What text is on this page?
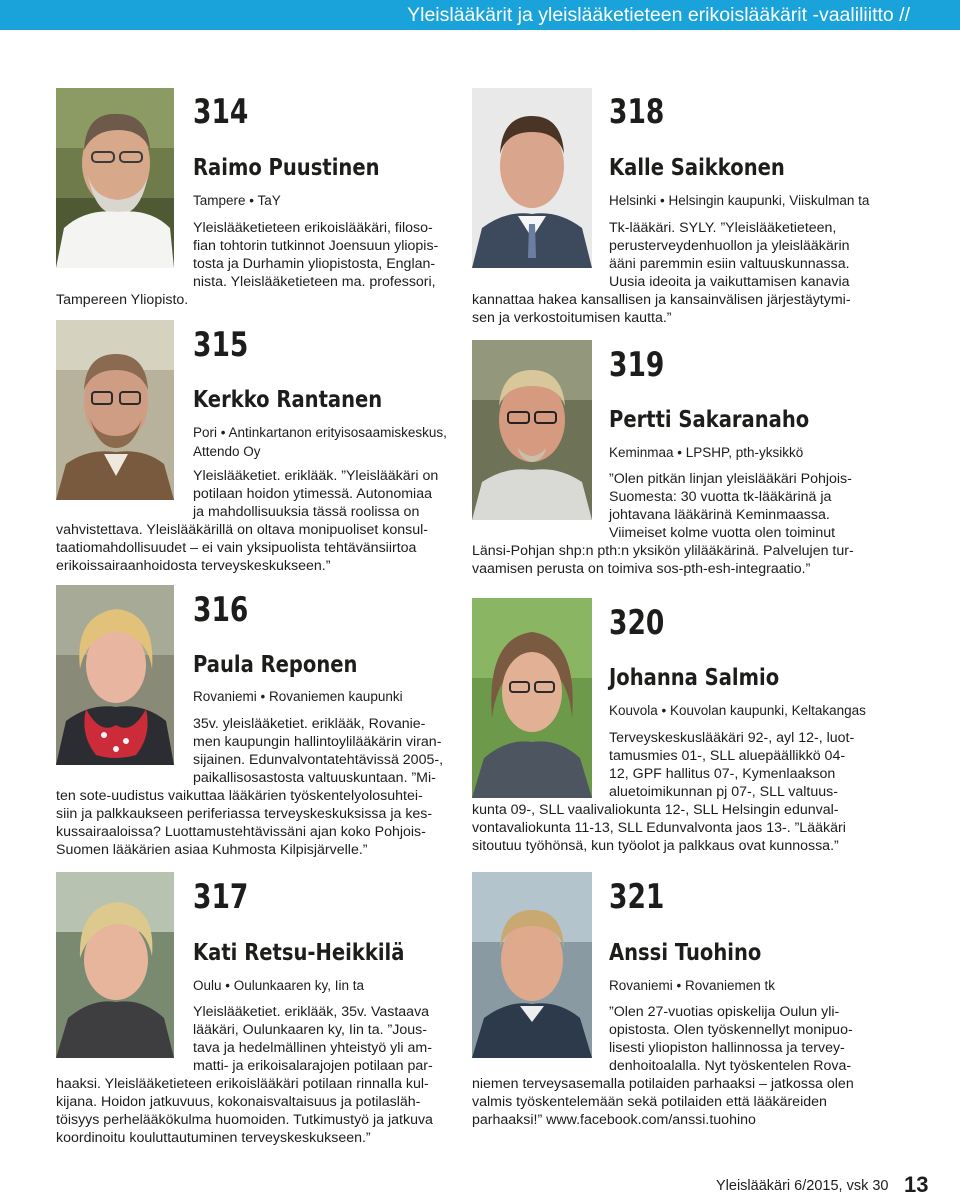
Yleislääkärit ja yleislääketieteen erikoislääkärit -vaaliliitto //
314
Raimo Puustinen
Tampere • TaY
Yleislääketieteen erikoislääkäri, filoso-
fian tohtorin tutkinnot Joensuun yliopis-
tosta ja Durhamin yliopistosta, Englan-
nista. Yleislääketieteen ma. professori,
Tampereen Yliopisto.
315
Kerkko Rantanen
Pori • Antinkartanon erityisosaamiskeskus, Attendo Oy
Yleislääketiet. eriklääk. ”Yleislääkäri on
potilaan hoidon ytimessä. Autonomiaa
ja mahdollisuuksia tässä roolissa on
vahvistettava. Yleislääkärillä on oltava monipuoliset konsul-
taatiomahdollisuudet – ei vain yksipuolista tehtävänsiirtoa
erikoissairaanhoidosta terveyskeskukseen.”
316
Paula Reponen
Rovaniemi • Rovaniemen kaupunki
35v. yleislääketiet. eriklääk, Rovanie-
men kaupungin hallintoylilääkärin viran-
sijainen. Edunvalvontatehtävissä 2005-,
paikallisosastosta valtuuskuntaan. ”Mi-
ten sote-uudistus vaikuttaa lääkärien työskentelyolosuhtei-
siin ja palkkaukseen periferiassa terveyskeskuksissa ja kes-
kussairaaloissa? Luottamustehtävissäni ajan koko Pohjois-
Suomen lääkärien asiaa Kuhmosta Kilpisjärvelle.”
317
Kati Retsu-Heikkilä
Oulu • Oulunkaaren ky, Iin ta
Yleislääketiet. eriklääk, 35v. Vastaava
lääkäri, Oulunkaaren ky, Iin ta. ”Jous-
tava ja hedelmällinen yhteistyö yli am-
matti- ja erikoisalarajojen potilaan par-
haaksi. Yleislääketieteen erikoislääkäri potilaan rinnalla kul-
kijana. Hoidon jatkuvuus, kokonaisvaltaisuus ja potilasläh-
töisyys perhelääkökulma huomoiden. Tutkimustyö ja jatkuva
koordinoitu kouluttautuminen terveyskeskukseen.”
318
Kalle Saikkonen
Helsinki • Helsingin kaupunki, Viiskulman ta
Tk-lääkäri. SYLY. ”Yleislääketieteen,
perusterveydenhuollon ja yleislääkärin
ääni paremmin esiin valtuuskunnassa.
Uusia ideoita ja vaikuttamisen kanavia
kannattaa hakea kansallisen ja kansainvälisen järjestäytymi-
sen ja verkostoitumisen kautta.”
319
Pertti Sakaranaho
Keminmaa • LPSHP, pth-yksikkö
”Olen pitkän linjan yleislääkäri Pohjois-
Suomesta: 30 vuotta tk-lääkärinä ja
johtavana lääkärinä Keminmaassa.
Viimeiset kolme vuotta olen toiminut
Länsi-Pohjan shp:n pth:n yksikön ylilääkärinä. Palvelujen tur-
vaamisen perusta on toimiva sos-pth-esh-integraatio.”
320
Johanna Salmio
Kouvola • Kouvolan kaupunki, Keltakangas
Terveyskeskuslääkäri 92-, ayl 12-, luot-
tamusmies 01-, SLL aluepäällikkö 04-
12, GPF hallitus 07-, Kymenlaakson
aluetoimikunnan pj 07-, SLL valtuus-
kunta 09-, SLL vaalivaliokunta 12-, SLL Helsingin edunval-
vontavaliokunta 11-13, SLL Edunvalvonta jaos 13-. ”Lääkäri
sitoutuu työhönsä, kun työolot ja palkkaus ovat kunnossa.”
321
Anssi Tuohino
Rovaniemi • Rovaniemen tk
”Olen 27-vuotias opiskelija Oulun yli-
opistosta. Olen työskennellyt monipuo-
lisesti yliopiston hallinnossa ja tervey-
denhoitoalalla. Nyt työskentelen Rova-
niemen terveysasemalla potilaiden parhaaksi – jatkossa olen
valmis työskentelemään sekä potilaiden että lääkäreiden
parhaaksi!” www.facebook.com/anssi.tuohino
Yleislääkäri 6/2015, vsk 30 13
